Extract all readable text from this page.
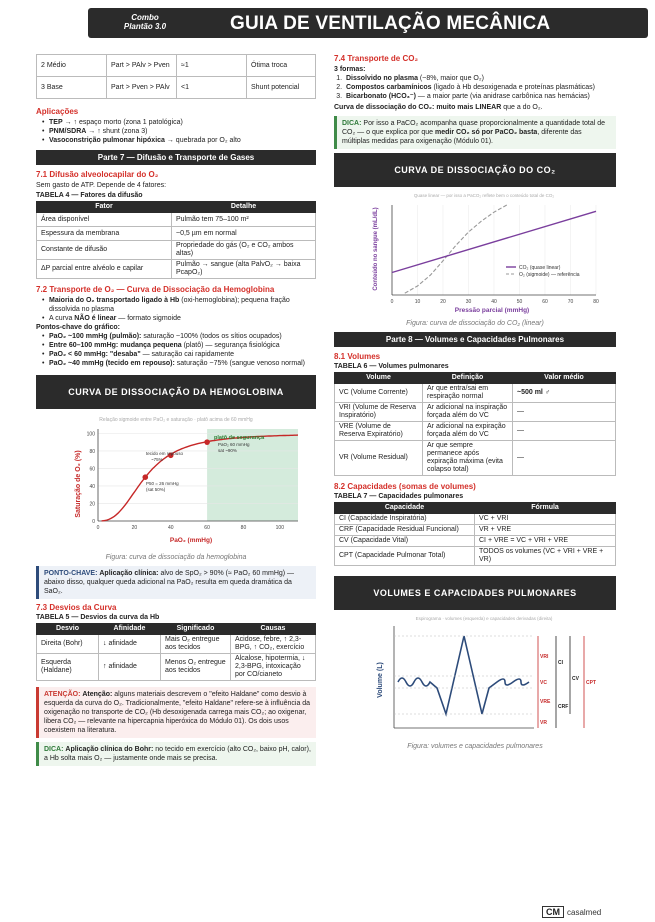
Combo
Plantão 3.0	GUIA DE VENTILAÇÃO MECÂNICA
2 Médio	Part > PAlv > Pven	≈1	Ótima troca
3 Base	Part > Pven > PAlv	<1	Shunt potencial
Aplicações
• TEP → ↑ espaço morto (zona 1 patológica)
• PNM/SDRA → ↑ shunt (zona 3)
• Vasoconstrição pulmonar hipóxica → quebrada por O₂ alto
Parte 7 — Difusão e Transporte de Gases
7.1 Difusão alveolocapilar do O₂

Sem gasto de ATP. Depende de 4 fatores:

TABELA 4 — Fatores da difusão
Fator	Detalhe
Área disponível	Pulmão tem 75–100 m²
Espessura da membrana	~0,5 µm em normal
Constante de difusão	Propriedade do gás (O₂ e CO₂ ambos altas)
ΔP parcial entre alvéolo e capilar	Pulmão → sangue (alta PalvO₂ → baixa PcapO₂)
7.2 Transporte de O₂ — Curva de Dissociação da Hemoglobina
• Maioria do O₂ transportado ligado à Hb (oxi-hemoglobina); pequena fração dissolvida no plasma
• A curva NÃO é linear — formato sigmoide

Pontos-chave do gráfico:

• PaO₂ ~100 mmHg (pulmão): saturação ~100% (todos os sítios ocupados)
• Entre 60–100 mmHg: mudança pequena (platô) — segurança fisiológica
• PaO₂ < 60 mmHg: "desaba" — saturação cai rapidamente
• PaO₂ ~40 mmHg (tecido em repouso): saturação ~75% (sangue venoso normal)
CURVA DE DISSOCIAÇÃO DA HEMOGLOBINA
Relação sigmoide entre PaO₂ e saturação · platô acima de 60 mmHg
0
20
40
60
80
100
0	20	40	60	80	100
platô de segurança
PaO₂ 60 mmHg
sat ~90%
tecido em repouso
~75%
P50 = 26 mmHg
(sat 50%)
PaO₂ (mmHg)
Saturação de O₂ (%)
Figura: curva de dissociação da hemoglobina
PONTO-CHAVE: Aplicação clínica: alvo de SpO₂ > 90% (≈ PaO₂ 60 mmHg) — abaixo disso, qualquer queda adicional na PaO₂ resulta em queda dramática da SaO₂.
7.3 Desvios da Curva
TABELA 5 — Desvios da curva da Hb
Desvio	Afinidade	Significado	Causas
Direita (Bohr)	↓ afinidade	Mais O₂ entregue aos tecidos	Acidose, febre, ↑ 2,3-BPG, ↑ CO₂, exercício
Esquerda (Haldane)	↑ afinidade	Menos O₂ entregue aos tecidos	Alcalose, hipotermia, ↓ 2,3-BPG, intoxicação por CO/cianeto
ATENÇÃO: Atenção: alguns materiais descrevem o "efeito Haldane" como desvio à esquerda da curva do O₂. Tradicionalmente, "efeito Haldane" refere-se à influência da oxigenação no transporte de CO₂ (Hb desoxigenada carrega mais CO₂; ao oxigenar, libera CO₂ — relevante na hipercapnia hiperóxica do Módulo 01). Os dois usos coexistem na literatura.
DICA: Aplicação clínica do Bohr: no tecido em exercício (alto CO₂, baixo pH, calor), a Hb solta mais O₂ — justamente onde mais se precisa.
7.4 Transporte de CO₂

3 formas:

1. Dissolvido no plasma (~8%, maior que O₂)
2. Compostos carbamínicos (ligado à Hb desoxigenada e proteínas plasmáticas)
3. Bicarbonato (HCO₃⁻) — a maior parte (via anidrase carbônica nas hemácias)

Curva de dissociação do CO₂: muito mais LINEAR que a do O₂.

DICA: Por isso a PaCO₂ acompanha quase proporcionalmente a quantidade total de CO₂ — o que explica por que medir CO₂ só por PaCO₂ basta, diferente das múltiplas medidas para oxigenação (Módulo 01).
CURVA DE DISSOCIAÇÃO DO CO₂
Quase linear — por isso a PaCO₂ reflete bem o conteúdo total de CO₂
0	10	20	30	40	50	60	70	80
CO₂ (quase linear)
O₂ (sigmoide) — referência
Pressão parcial (mmHg)
Conteúdo no sangue (mL/dL)
Figura: curva de dissociação do CO₂ (linear)
Parte 8 — Volumes e Capacidades Pulmonares
8.1 Volumes
TABELA 6 — Volumes pulmonares
Volume	Definição	Valor médio
VC (Volume Corrente)	Ar que entra/sai em respiração normal	~500 ml ♂
VRI (Volume de Reserva Inspiratório)	Ar adicional na inspiração forçada além do VC	—
VRE (Volume de Reserva Expiratório)	Ar adicional na expiração forçada além do VC	—
VR (Volume Residual)	Ar que sempre permanece após expiração máxima (evita colapso total)	—
8.2 Capacidades (somas de volumes)
TABELA 7 — Capacidades pulmonares
Capacidade	Fórmula
CI (Capacidade Inspiratória)	VC + VRI
CRF (Capacidade Residual Funcional)	VR + VRE
CV (Capacidade Vital)	CI + VRE = VC + VRI + VRE
CPT (Capacidade Pulmonar Total)	TODOS os volumes (VC + VRI + VRE + VR)
VOLUMES E CAPACIDADES PULMONARES
Espirograma · volumes (esquerda) e capacidades derivadas (direita)
Volume (L)
VRI
VC
VRE
VR
CI
CV
CRF
CPT
Figura: volumes e capacidades pulmonares
CM casalmed
